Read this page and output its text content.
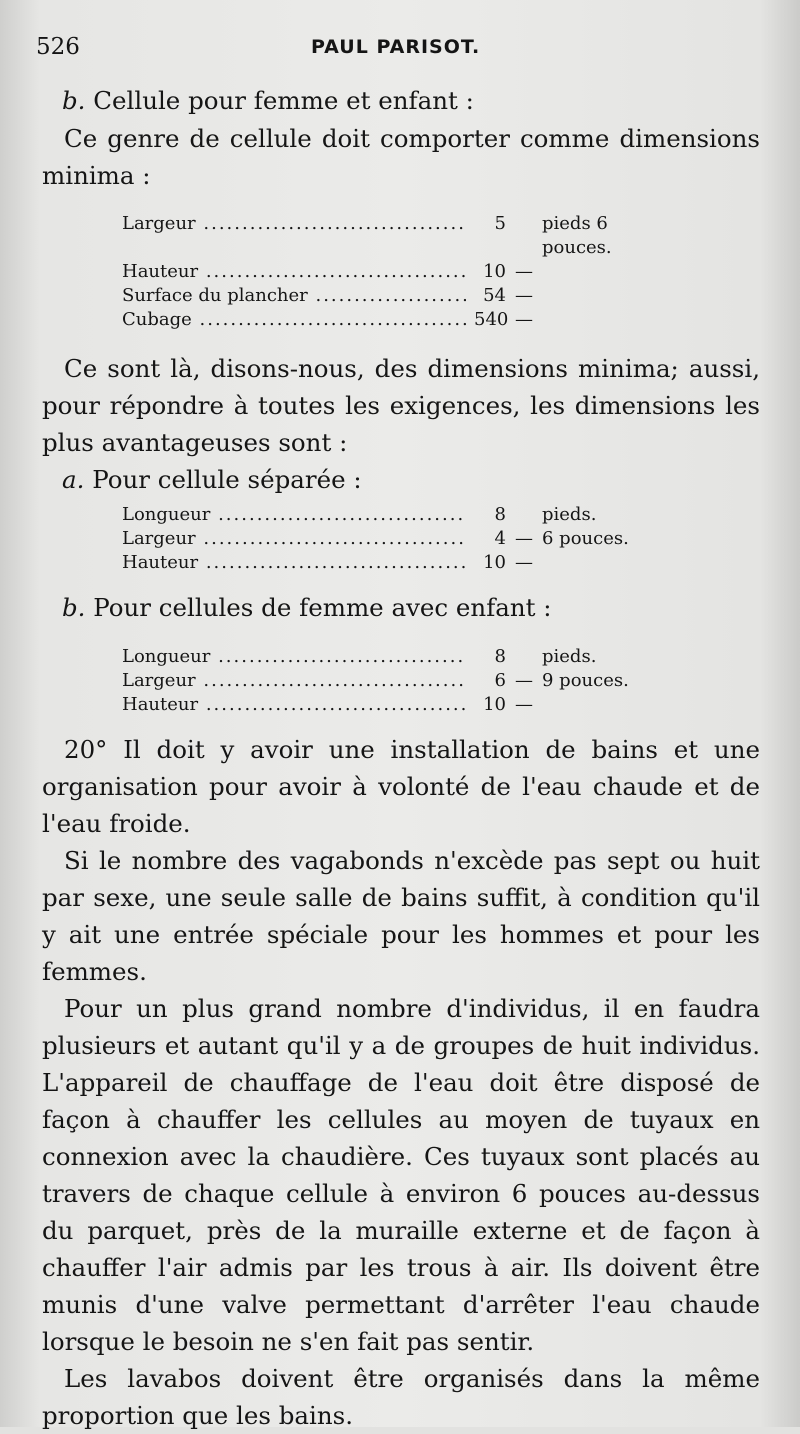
526	PAUL PARISOT.

b. Cellule pour femme et enfant :

Ce genre de cellule doit comporter comme dimensions minima :

Largeur .....	5 pieds 6 pouces.
Hauteur .....	10 —
Surface du plancher .....	54 —
Cubage .....	540 —

Ce sont là, disons-nous, des dimensions minima; aussi, pour répondre à toutes les exigences, les dimensions les plus avantageuses sont :

a. Pour cellule séparée :

Longueur .....	8 pieds.
Largeur .....	4 — 6 pouces.
Hauteur .....	10 —

b. Pour cellules de femme avec enfant :

Longueur .....	8 pieds.
Largeur .....	6 — 9 pouces.
Hauteur .....	10 —

20° Il doit y avoir une installation de bains et une organisation pour avoir à volonté de l'eau chaude et de l'eau froide.

Si le nombre des vagabonds n'excède pas sept ou huit par sexe, une seule salle de bains suffit, à condition qu'il y ait une entrée spéciale pour les hommes et pour les femmes.

Pour un plus grand nombre d'individus, il en faudra plusieurs et autant qu'il y a de groupes de huit individus. L'appareil de chauffage de l'eau doit être disposé de façon à chauffer les cellules au moyen de tuyaux en connexion avec la chaudière. Ces tuyaux sont placés au travers de chaque cellule à environ 6 pouces au-dessus du parquet, près de la muraille externe et de façon à chauffer l'air admis par les trous à air. Ils doivent être munis d'une valve permettant d'arrêter l'eau chaude lorsque le besoin ne s'en fait pas sentir.

Les lavabos doivent être organisés dans la même proportion que les bains.
